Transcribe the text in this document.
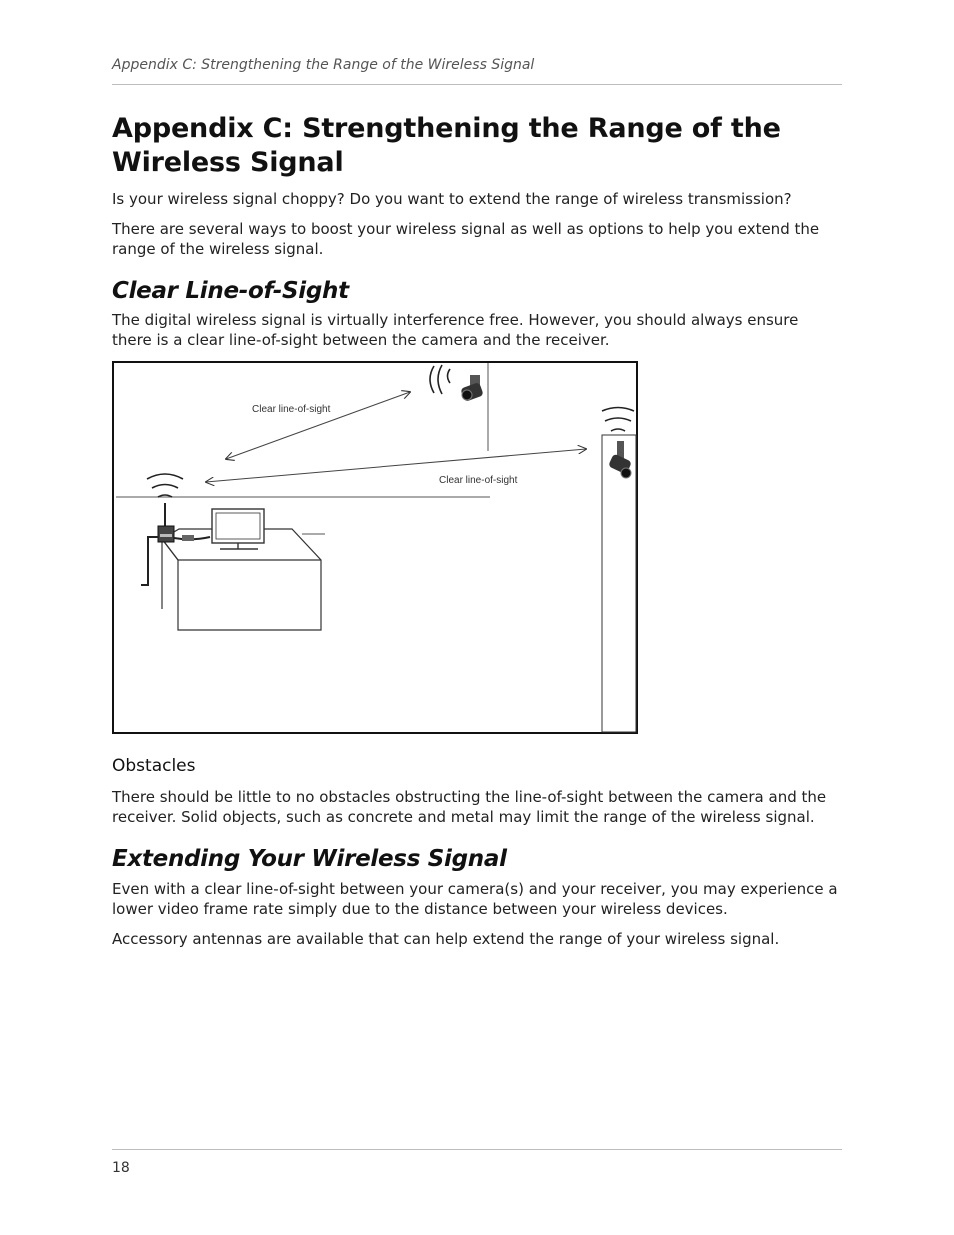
Appendix C: Strengthening the Range of the Wireless Signal
Appendix C: Strengthening the Range of the Wireless Signal

Is your wireless signal choppy? Do you want to extend the range of wireless transmission?

There are several ways to boost your wireless signal as well as options to help you extend the range of the wireless signal.

Clear Line-of-Sight

The digital wireless signal is virtually interference free. However, you should always ensure there is a clear line-of-sight between the camera and the receiver.

Clear line-of-sight
Clear line-of-sight
Obstacles

There should be little to no obstacles obstructing the line-of-sight between the camera and the receiver. Solid objects, such as concrete and metal may limit the range of the wireless signal.

Extending Your Wireless Signal

Even with a clear line-of-sight between your camera(s) and your receiver, you may experience a lower video frame rate simply due to the distance between your wireless devices.

Accessory antennas are available that can help extend the range of your wireless signal.

18
